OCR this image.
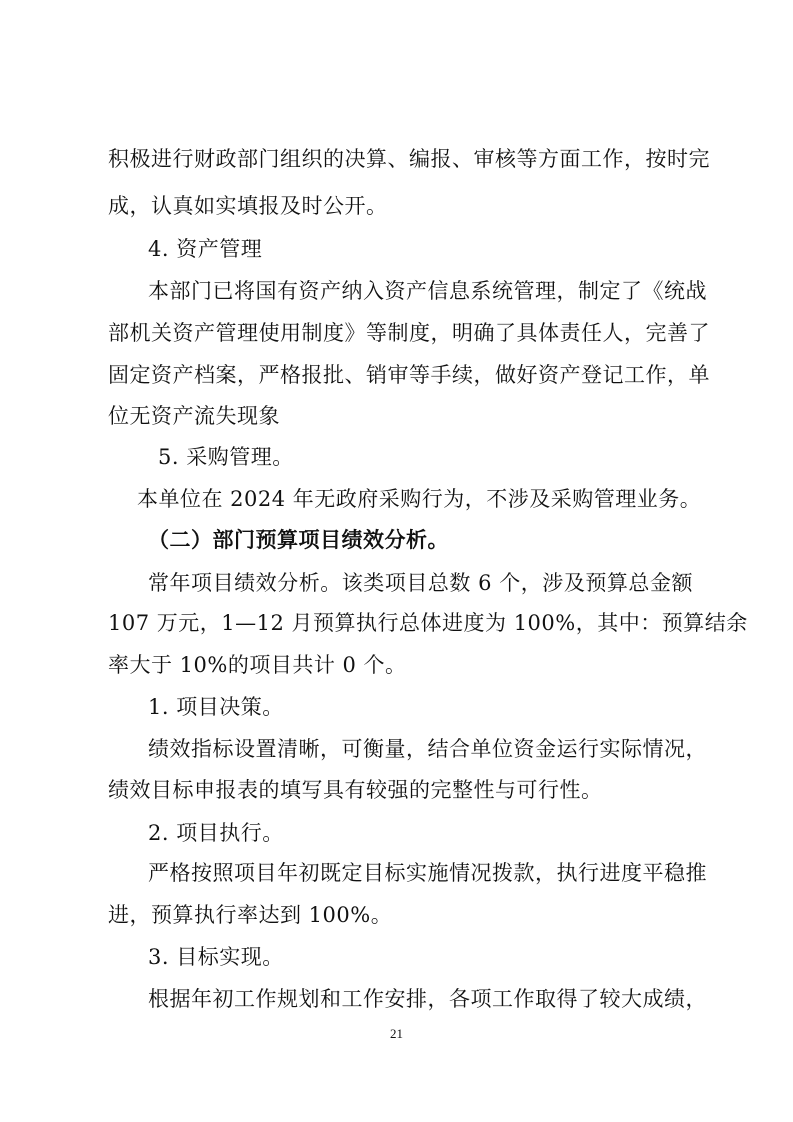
积极进行财政部门组织的决算、编报、审核等方面工作，按时完
成，认真如实填报及时公开。
4. 资产管理
本部门已将国有资产纳入资产信息系统管理，制定了《统战
部机关资产管理使用制度》等制度，明确了具体责任人，完善了
固定资产档案，严格报批、销审等手续，做好资产登记工作，单
位无资产流失现象
5. 采购管理。
本单位在 2024 年无政府采购行为，不涉及采购管理业务。
（二）部门预算项目绩效分析。
常年项目绩效分析。该类项目总数 6 个，涉及预算总金额
107 万元，1—12 月预算执行总体进度为 100%，其中：预算结余
率大于 10%的项目共计 0 个。
1. 项目决策。
绩效指标设置清晰，可衡量，结合单位资金运行实际情况，
绩效目标申报表的填写具有较强的完整性与可行性。
2. 项目执行。
严格按照项目年初既定目标实施情况拨款，执行进度平稳推
进，预算执行率达到 100%。
3. 目标实现。
根据年初工作规划和工作安排，各项工作取得了较大成绩，
21
